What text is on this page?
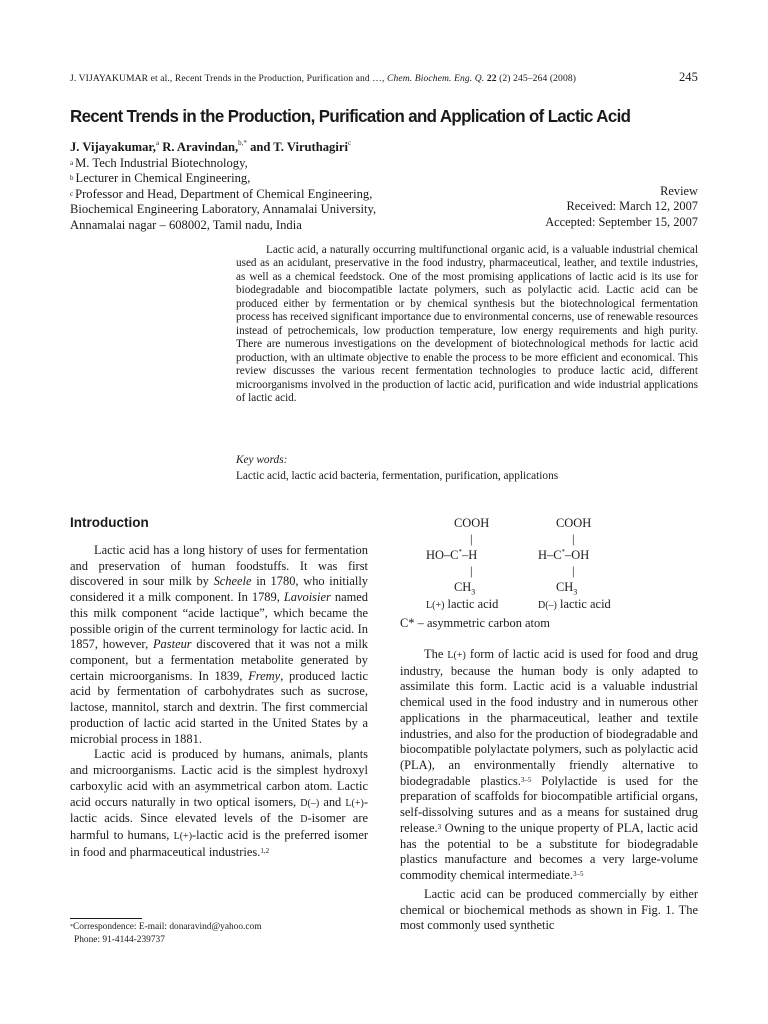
J. VIJAYAKUMAR et al., Recent Trends in the Production, Purification and …, Chem. Biochem. Eng. Q. 22 (2) 245–264 (2008)	245
Recent Trends in the Production, Purification and Application of Lactic Acid
J. Vijayakumar,$^a$ R. Aravindan,$^{b,*}$ and T. Viruthagiri$^c$
$^a$ M. Tech Industrial Biotechnology,
$^b$ Lecturer in Chemical Engineering,
$^c$ Professor and Head, Department of Chemical Engineering,
Biochemical Engineering Laboratory, Annamalai University,
Annamalai nagar – 608002, Tamil nadu, India
Review
Received: March 12, 2007
Accepted: September 15, 2007
Lactic acid, a naturally occurring multifunctional organic acid, is a valuable industrial chemical used as an acidulant, preservative in the food industry, pharmaceutical, leather, and textile industries, as well as a chemical feedstock. One of the most promising applications of lactic acid is its use for biodegradable and biocompatible lactate polymers, such as polylactic acid. Lactic acid can be produced either by fermentation or by chemical synthesis but the biotechnological fermentation process has received significant importance due to environmental concerns, use of renewable resources instead of petrochemicals, low production temperature, low energy requirements and high purity. There are numerous investigations on the development of biotechnological methods for lactic acid production, with an ultimate objective to enable the process to be more efficient and economical. This review discusses the various recent fermentation technologies to produce lactic acid, different microorganisms involved in the production of lactic acid, purification and wide industrial applications of lactic acid.
Key words:
Lactic acid, lactic acid bacteria, fermentation, purification, applications
Introduction

Lactic acid has a long history of uses for fermentation and preservation of human foodstuffs. It was first discovered in sour milk by Scheele in 1780, who initially considered it a milk component. In 1789, Lavoisier named this milk component “acide lactique”, which became the possible origin of the current terminology for lactic acid. In 1857, however, Pasteur discovered that it was not a milk component, but a fermentation metabolite generated by certain microorganisms. In 1839, Fremy, produced lactic acid by fermentation of carbohydrates such as sucrose, lactose, mannitol, starch and dextrin. The first commercial production of lactic acid started in the United States by a microbial process in 1881.

Lactic acid is produced by humans, animals, plants and microorganisms. Lactic acid is the simplest hydroxyl carboxylic acid with an asymmetrical carbon atom. Lactic acid occurs naturally in two optical isomers, D(–) and L(+)-lactic acids. Since elevated levels of the D-isomer are harmful to humans, L(+)-lactic acid is the preferred isomer in food and pharmaceutical industries.$^{1,2}$

COOH
|
HO–C*–H
|
$CH_3$
L(+) lactic acid
COOH
|
H–C*–OH
|
$CH_3$
D(–) lactic acid
C* – asymmetric carbon atom

The L(+) form of lactic acid is used for food and drug industry, because the human body is only adapted to assimilate this form. Lactic acid is a valuable industrial chemical used in the food industry and in numerous other applications in the pharmaceutical, leather and textile industries, and also for the production of biodegradable and biocompatible polylactate polymers, such as polylactic acid (PLA), an environmentally friendly alternative to biodegradable plastics.$^{3-5}$ Polylactide is used for the preparation of scaffolds for biocompatible artificial organs, self-dissolving sutures and as a means for sustained drug release.$^3$ Owning to the unique property of PLA, lactic acid has the potential to be a substitute for biodegradable plastics manufacture and becomes a very large-volume commodity chemical intermediate.$^{3-5}$

Lactic acid can be produced commercially by either chemical or biochemical methods as shown in Fig. 1. The most commonly used synthetic

*Correspondence: E-mail: donaravind@yahoo.com
Phone: 91-4144-239737
